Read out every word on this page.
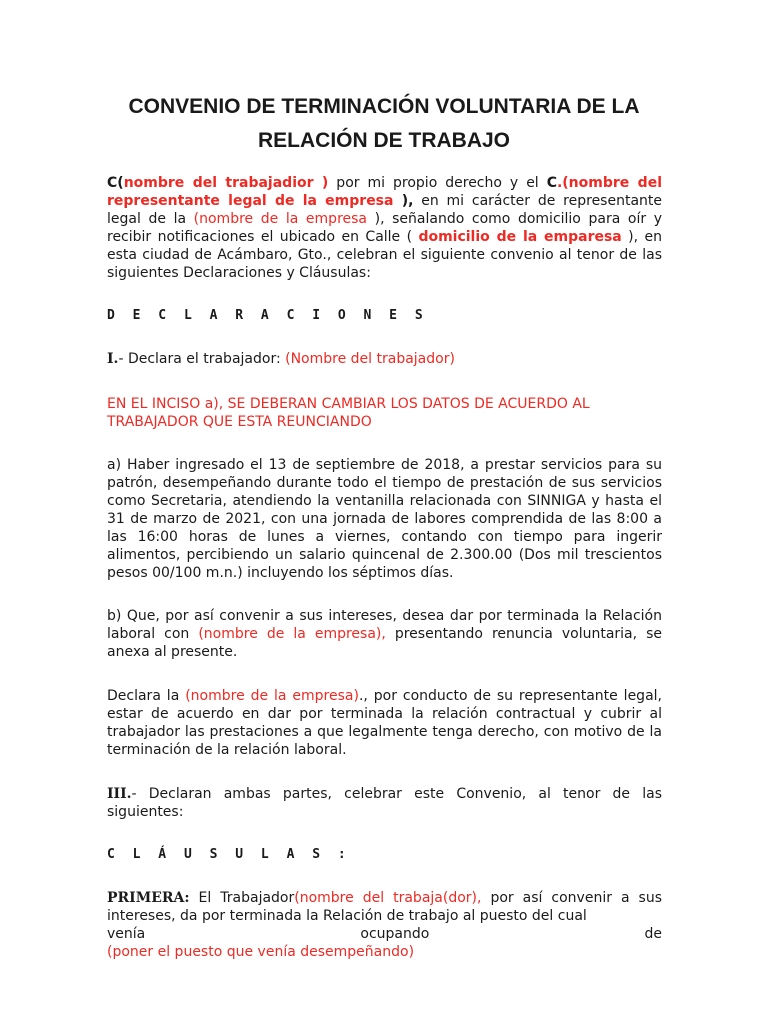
CONVENIO DE TERMINACIÓN VOLUNTARIA DE LA
RELACIÓN DE TRABAJO

C(nombre del trabajadior ) por mi propio derecho y el C.(nombre del representante legal de la empresa ), en mi carácter de representante legal de la (nombre de la empresa ), señalando como domicilio para oír y recibir notificaciones el ubicado en Calle ( domicilio de la emparesa ), en esta ciudad de Acámbaro, Gto., celebran el siguiente convenio al tenor de las siguientes Declaraciones y Cláusulas:

D E C L A R A C I O N E S

I.- Declara el trabajador: (Nombre del trabajador)

EN EL INCISO a), SE DEBERAN CAMBIAR LOS DATOS DE ACUERDO AL
TRABAJADOR QUE ESTA REUNCIANDO

a) Haber ingresado el 13 de septiembre de 2018, a prestar servicios para su patrón, desempeñando durante todo el tiempo de prestación de sus servicios como Secretaria, atendiendo la ventanilla relacionada con SINNIGA y hasta el 31 de marzo de 2021, con una jornada de labores comprendida de las 8:00 a las 16:00 horas de lunes a viernes, contando con tiempo para ingerir alimentos, percibiendo un salario quincenal de 2.300.00 (Dos mil trescientos pesos 00/100 m.n.) incluyendo los séptimos días.

b) Que, por así convenir a sus intereses, desea dar por terminada la Relación laboral con (nombre de la empresa), presentando renuncia voluntaria, se anexa al presente.

Declara la (nombre de la empresa)., por conducto de su representante legal, estar de acuerdo en dar por terminada la relación contractual y cubrir al trabajador las prestaciones a que legalmente tenga derecho, con motivo de la terminación de la relación laboral.

III.- Declaran ambas partes, celebrar este Convenio, al tenor de las siguientes:

C L Á U S U L A S :

PRIMERA: El Trabajador(nombre del trabaja(dor), por así convenir a sus intereses, da por terminada la Relación de trabajo al puesto del cual
venía	ocupando	de
(poner el puesto que venía desempeñando)
